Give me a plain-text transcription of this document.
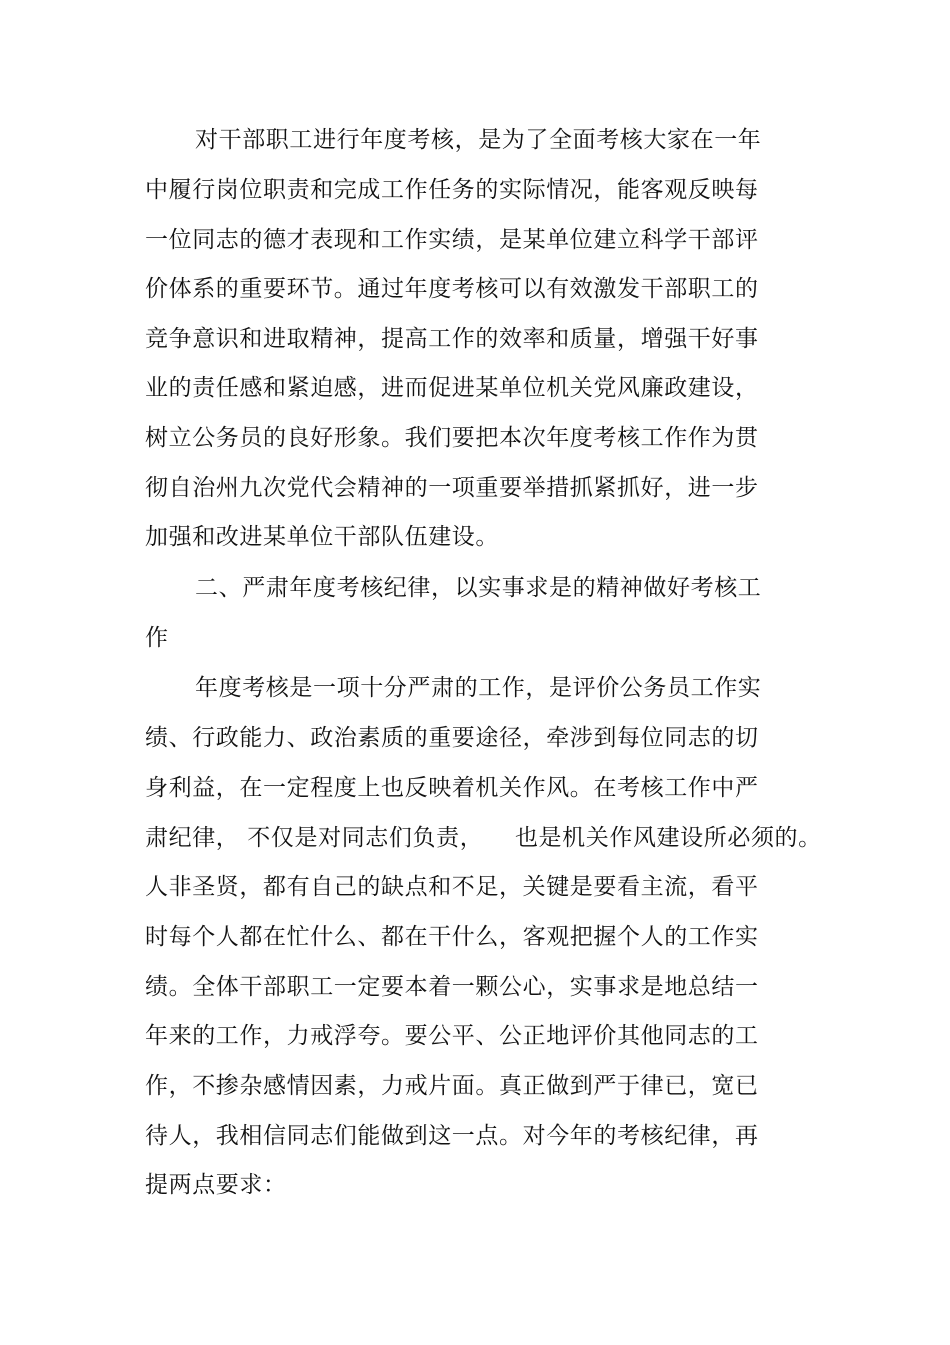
对干部职工进行年度考核，是为了全面考核大家在一年
中履行岗位职责和完成工作任务的实际情况，能客观反映每
一位同志的德才表现和工作实绩，是某单位建立科学干部评
价体系的重要环节。通过年度考核可以有效激发干部职工的
竞争意识和进取精神，提高工作的效率和质量，增强干好事
业的责任感和紧迫感，进而促进某单位机关党风廉政建设，
树立公务员的良好形象。我们要把本次年度考核工作作为贯
彻自治州九次党代会精神的一项重要举措抓紧抓好，进一步
加强和改进某单位干部队伍建设。
二、严肃年度考核纪律，以实事求是的精神做好考核工
作
年度考核是一项十分严肃的工作，是评价公务员工作实
绩、行政能力、政治素质的重要途径，牵涉到每位同志的切
身利益，在一定程度上也反映着机关作风。在考核工作中严
肃纪律， 不仅是对同志们负责，    也是机关作风建设所必须的。
人非圣贤，都有自己的缺点和不足，关键是要看主流，看平
时每个人都在忙什么、都在干什么，客观把握个人的工作实
绩。全体干部职工一定要本着一颗公心，实事求是地总结一
年来的工作，力戒浮夸。要公平、公正地评价其他同志的工
作，不掺杂感情因素，力戒片面。真正做到严于律已，宽已
待人，我相信同志们能做到这一点。对今年的考核纪律，再
提两点要求：
